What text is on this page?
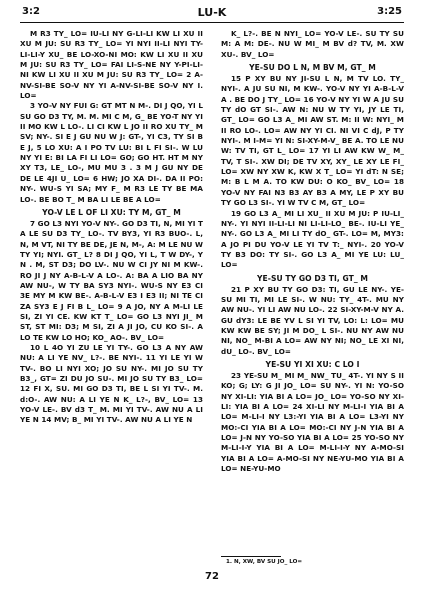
3:2	LU-K	3:25

M R3 TY_ LO= IU-LI NY G-LI-LI KW LI XU II XU M JU: SU R3 TY_ LO= YI NYI II-LI NYI TY-LI-LI-Y XU_ BE LO-XO-NI MO: KW LI XU II XU M JU: SU R3 TY_ LO= FAI LI-S-NE NY Y-PI-LI-NI KW LI XU II XU M JU: SU R3 TY_ LO= 2 A-NV-SI-BE SO-V NY YI A-NV-SI-BE SO-V NY I. LO=

3 YO-V NY FUI G: GT MT N M-. DI J QO, YI L SU GO D3 TY, M. M. MI C M, G_ BE YO-T NY YI II MO KW L LO-. LI CI KW L JO II RO XU TY_ M SV; NY-. SI E J GU NU W J: GT-, YI C3, TY SI B E J, 5 LO XU: A I PO TV LU: BI L FI SI-. W LU NY YI E: BI LA FI LI LO= GO; GO HT. HT M NY XY T3, LE_ LO-, MU MU 3 . 3 M J GU NY DE DE LE 4JI U_ LO= 6 HW; JO XA DI-. DA II PO: NY-. WU-S YI SA; MY F_ M R3 LE TY BE MA LO-. BE BO T_ M BA LI LE BE A LO=

YO-V LE L OF LI XU: TY M, GT_ M

7 GO L3 NYI YO-V NY-. GO D3 TI, N, MI YI T A LE SU D3 TY_ LO-. TV BY3, YI R3 BUO-. L, N, M VT, NI TY BE DE, JE N, M-, A: M LE NU W TY YI; NYI. GT_ L? 8 DI J QO, YI L, T W DY-, Y N . M, ST D3; DO LV-. NU W CI JY NI M KW-. RO JI J NY A-B-L-V A LO-. A: BA A LIO BA NY AW NU-, W TY BA SY3 NYI-. WU-S NY E3 CI 3E MY M KW BE-. A-B-L-V E3 I E3 II; NI TE CI ZA SY3 E J FI B L_ LO= 9 A JO, NY A M-LI LE SI, ZI YI CE. KW KT T_ LO= GO L3 NYI JI_ M ST, ST MI: D3; M SI, ZI A JI JO, CU KO SI-. A LO TE KW LO HO; KO_ AO-. BV_ LO=

10 L 4O YI ZU LE YI TY-. GO L3 A NY AW NU: A LI YE NV_ L?-. BE NYI-. 11 YI LE YI W TV-. BO LI NYI XO; JO SU NY-. MI JO SU TY B3_, GT= ZI DU JO SU-. MI JO SU TY B3_ LO= 12 FI X, SU. MI GO D3 TI, BE L SI YI TV-. M. d:O-. AW NU: A LI YE N K_ L?-, BV_ LO= 13 YO-V LE-. BV d3 T_ M. MI YI TV-. AW NU A LI YE N 14 MV; B_ MI YI TV-. AW NU A LI YE N

K_ L?-. BE N NYI_ LO= YO-V LE-. SU TY SU M: A M: DE-. NU W MI_ M BV d? TV, M. XW XU-. BV_ LO=

YE-SU DO L N, M BV M, GT_ M

15 P XY BU NY JI-SU L N, M TV LO. TY_ NYI-. A JU SU NI, M KW-. YO-V NY YI A-B-L-V A . BE DO J TY_ LO= 16 YO-V NY YI W A JU SU TY dO GT SI-. AW N: NU W TY YI, JY LE TI, GT_ LO= GO L3 A_ MI AW ST. M: II W: NYI_ M II RO LO-. LO= AW NY YI CI. NI VI C dJ, P TY NYI-. M I-M= YI N: SI-XY-M-V_ BE A. TO LE NU W: TV TI, GT L_ LO= 17 YI LI AW KW W_ M_ TV, T SI-. XW DI; DE TV XY, XY_ LE XY LE FI_ LO= XW NY XW K, KW X T_ LO= YI dT: N SE; M: B L M A. TO KW DU: O KO_ BV_ LO= 18 YO-V NY FAI N3 B3 AY B3 A MY, LE P XY BU TY GO L3 SI-. YI W TV C M, GT_ LO=

19 GO L3 A_ MI LI XU_ II XU M JU: P IU-LI_ NY-. YI NYI II-LI-LI NI LI-LI-LO_ BE-. IU-LI YE_ NY-. GO L3 A_ MI LI TY dO_ GT-. LO= M, MY3: A JO PI DU YO-V LE YI TV T:_ NYI-. 20 YO-V TY B3 DO: TY SI-. GO L3 A_ MI YE LU: LU_ LO=

YE-SU TY GO D3 TI, GT_ M

21 P XY BU TY GO D3: TI, GU LE NY-. YE-SU MI TI, MI LE SI-. W NU: TY_ 4T-. MU NY AW NU-. YI LI AW NU LO-. 22 SI-XY-M-V NY A. GU dY3: LE BE YV L SI YI TV, LO: L: LO= MU KW KW BE SY; JI M DO_ L SI-. NU NY AW NU NI, NO_ M-BI A LO= AW NY NI; NO_ LE XI NI, dU_ LO-. BV_ LO=

YE-SU YI XI XU: C LO I

23 YE-SU M_ MI M_ NW_ TU_ 4T-. YI NY S II KO; G; LY: G JI JO_ LO= SU NY-. YI N: YO-SO NY XI-LI: YIA BI A LO= JO_ LO= YO-SO NY XI-LI: YIA BI A LO= 24 XI-LI NY M-LI-I YIA BI A LO= M-LI-I NY L3:-YI YIA BI A LO= L3-YI NY MO:-CI YIA BI A LO= MO:-CI NY J-N YIA BI A LO= J-N NY YO-SO YIA BI A LO= 25 YO-SO NY M-LI-I-Y YIA BI A LO= M-LI-I-Y NY A-MO-SI YIA BI A LO= A-MO-SI NY NE-YU-MO YIA BI A LO= NE-YU-MO

1. N, XW, BV SU JO_ LO=
72
